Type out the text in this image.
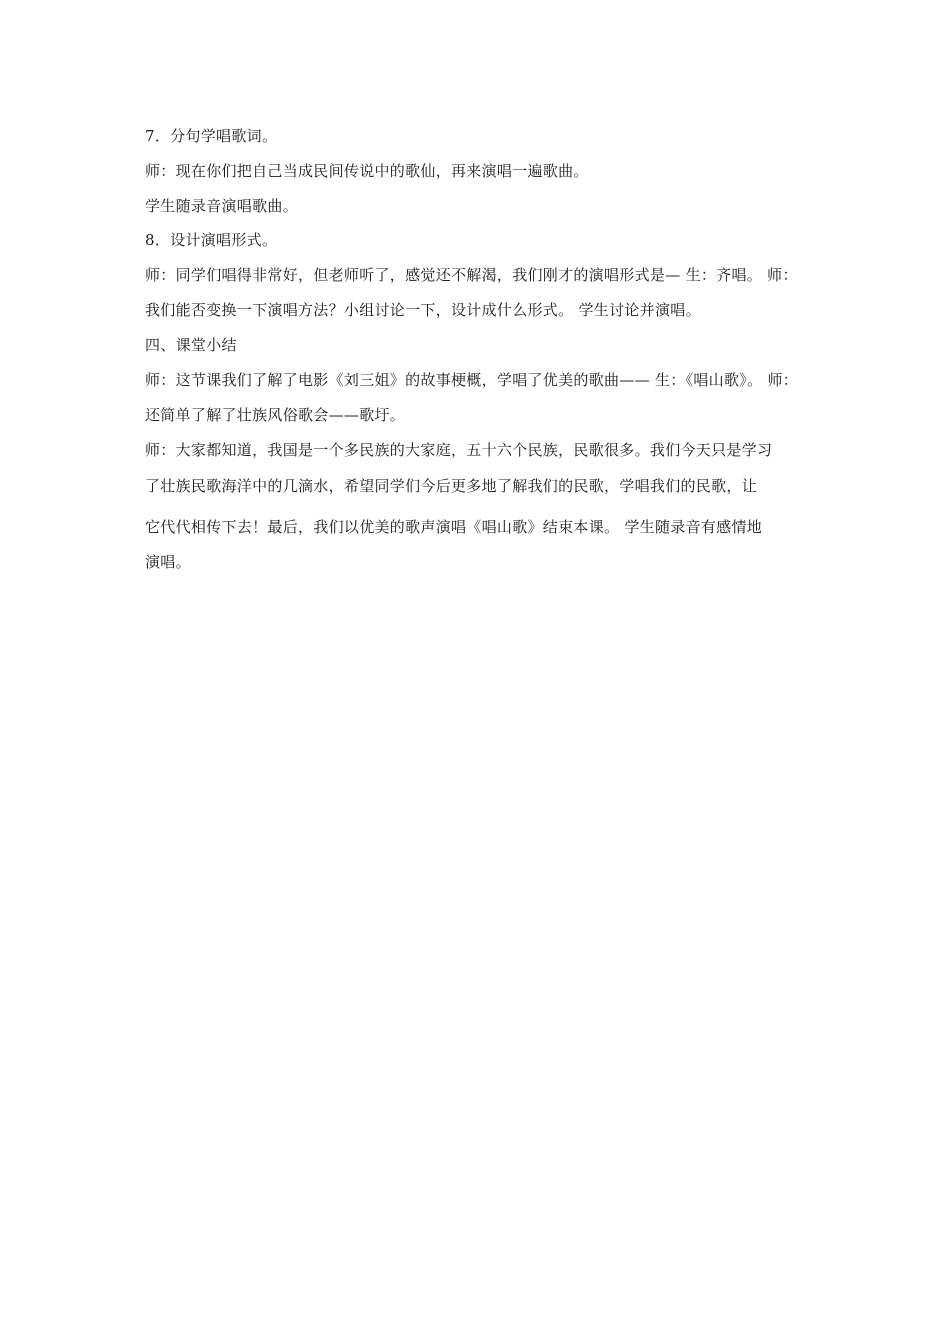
7．分句学唱歌词。
师：现在你们把自己当成民间传说中的歌仙，再来演唱一遍歌曲。
学生随录音演唱歌曲。
8．设计演唱形式。
师：同学们唱得非常好，但老师听了，感觉还不解渴，我们刚才的演唱形式是— 生：齐唱。 师：
我们能否变换一下演唱方法？小组讨论一下，设计成什么形式。 学生讨论并演唱。
四、课堂小结
师：这节课我们了解了电影《刘三姐》的故事梗概，学唱了优美的歌曲—— 生：《唱山歌》。 师：
还简单了解了壮族风俗歌会——歌圩。
师：大家都知道，我国是一个多民族的大家庭，五十六个民族，民歌很多。我们今天只是学习
了壮族民歌海洋中的几滴水，希望同学们今后更多地了解我们的民歌，学唱我们的民歌，让
它代代相传下去！最后，我们以优美的歌声演唱《唱山歌》结束本课。 学生随录音有感情地
演唱。
